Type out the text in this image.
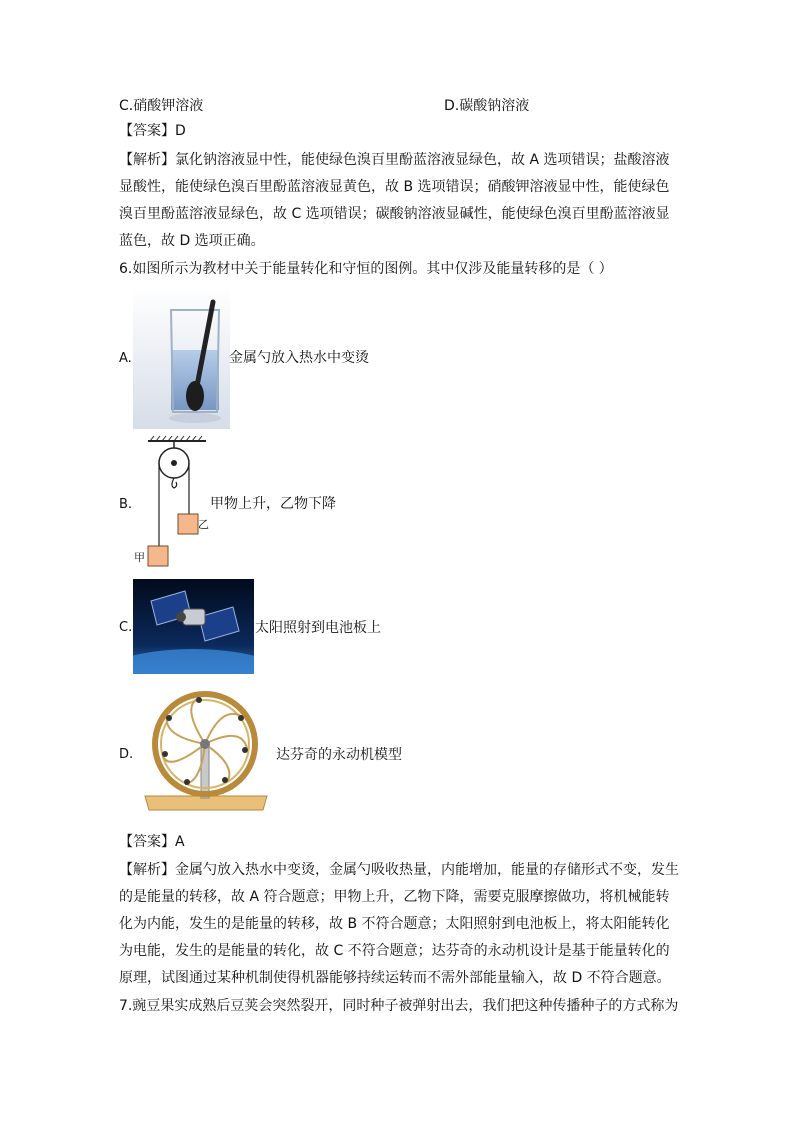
C.硝酸钾溶液	D.碳酸钠溶液
【答案】D
【解析】氯化钠溶液显中性，能使绿色溴百里酚蓝溶液显绿色，故 A 选项错误；盐酸溶液
显酸性，能使绿色溴百里酚蓝溶液显黄色，故 B 选项错误；硝酸钾溶液显中性，能使绿色
溴百里酚蓝溶液显绿色，故 C 选项错误；碳酸钠溶液显碱性，能使绿色溴百里酚蓝溶液显
蓝色，故 D 选项正确。
6.如图所示为教材中关于能量转化和守恒的图例。其中仅涉及能量转移的是（ ）
A.	金属勺放入热水中变烫
B.
乙
甲
甲物上升，乙物下降
C.	太阳照射到电池板上
D.	达芬奇的永动机模型
【答案】A
【解析】金属勺放入热水中变烫，金属勺吸收热量，内能增加，能量的存储形式不变，发生
的是能量的转移，故 A 符合题意；甲物上升，乙物下降，需要克服摩擦做功，将机械能转
化为内能，发生的是能量的转移，故 B 不符合题意；太阳照射到电池板上，将太阳能转化
为电能，发生的是能量的转化，故 C 不符合题意；达芬奇的永动机设计是基于能量转化的
原理，试图通过某种机制使得机器能够持续运转而不需外部能量输入，故 D 不符合题意。
7.豌豆果实成熟后豆荚会突然裂开，同时种子被弹射出去，我们把这种传播种子的方式称为
